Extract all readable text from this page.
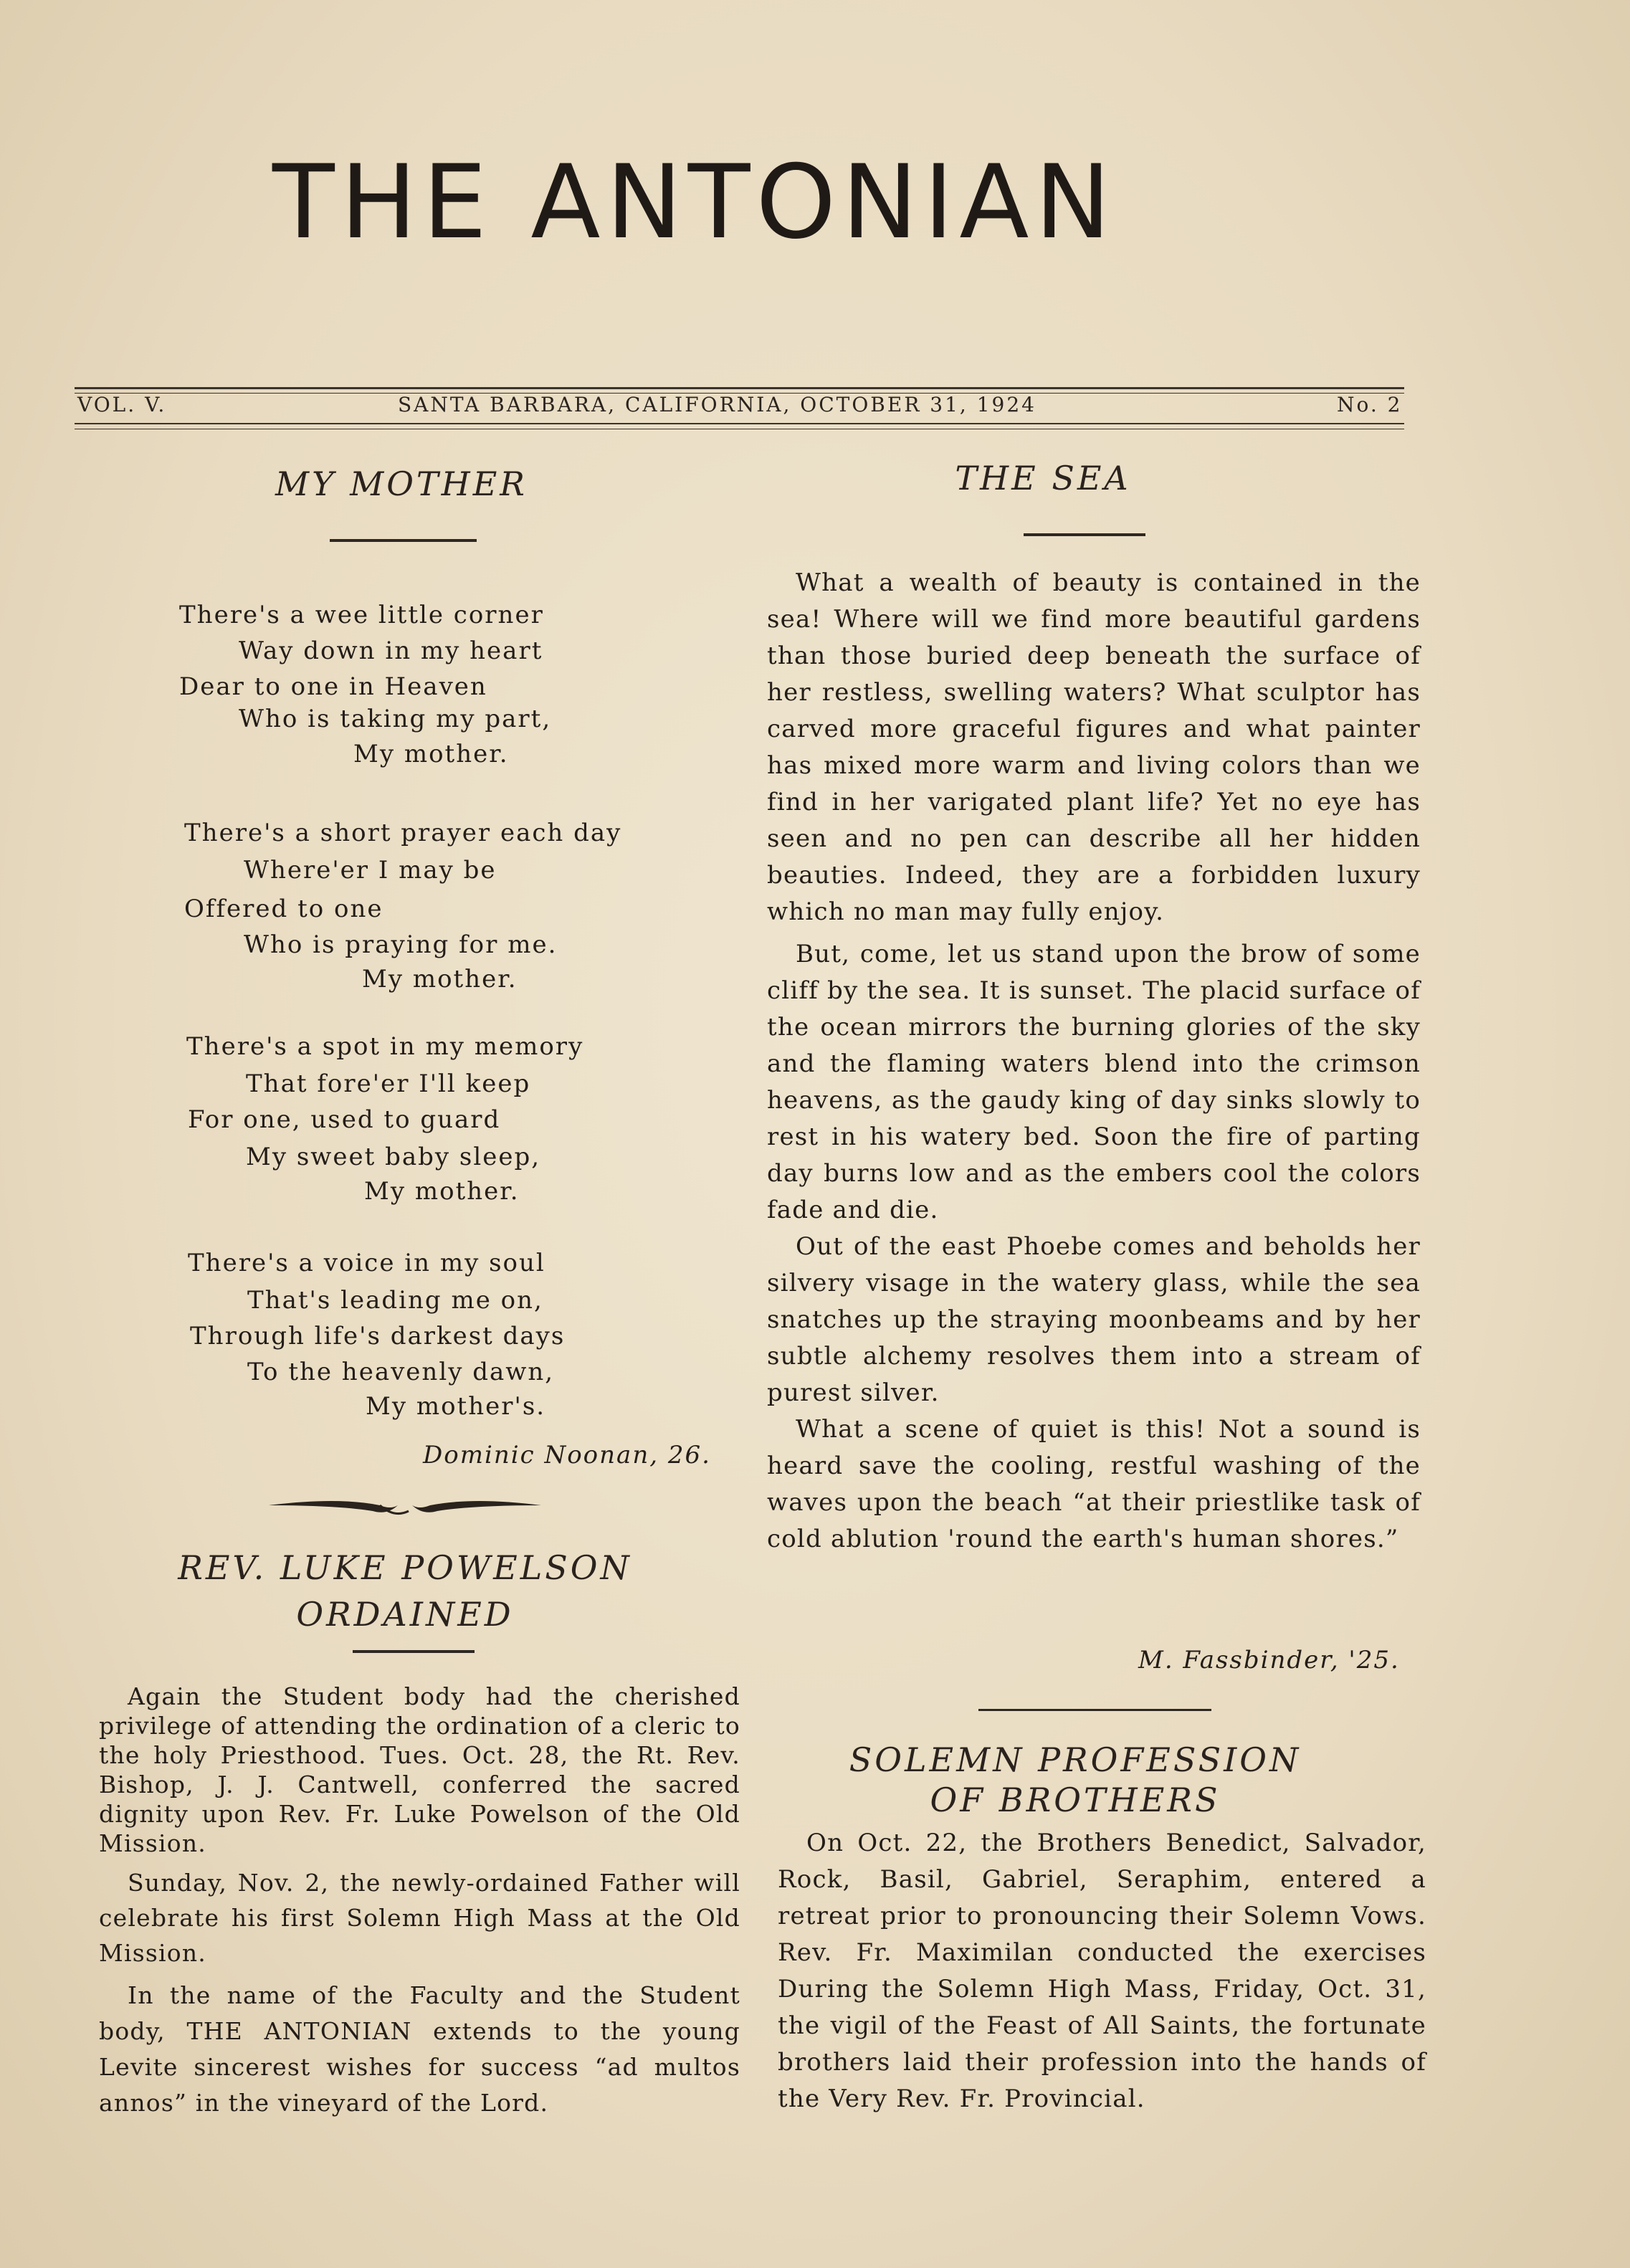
THE ANTONIAN
VOL. V.	SANTA BARBARA, CALIFORNIA, OCTOBER 31, 1924	No. 2
MY MOTHER
There's a wee little corner
Way down in my heart
Dear to one in Heaven
Who is taking my part,
My mother.
There's a short prayer each day
Where'er I may be
Offered to one
Who is praying for me.
My mother.
There's a spot in my memory
That fore'er I'll keep
For one, used to guard
My sweet baby sleep,
My mother.
There's a voice in my soul
That's leading me on,
Through life's darkest days
To the heavenly dawn,
My mother's.
Dominic Noonan, 26.
REV. LUKE POWELSON
ORDAINED

Again the Student body had the cherished privilege of attending the ordination of a cleric to the holy Priesthood. Tues. Oct. 28, the Rt. Rev. Bishop, J. J. Cantwell, conferred the sacred dignity upon Rev. Fr. Luke Powelson of the Old Mission.

Sunday, Nov. 2, the newly-ordained Father will celebrate his first Solemn High Mass at the Old Mission.

In the name of the Faculty and the Student body, THE ANTONIAN extends to the young Levite sincerest wishes for success “ad multos annos” in the vineyard of the Lord.

THE SEA

What a wealth of beauty is contained in the sea! Where will we find more beautiful gardens than those buried deep beneath the surface of her restless, swelling waters? What sculptor has carved more graceful figures and what painter has mixed more warm and living colors than we find in her varigated plant life? Yet no eye has seen and no pen can describe all her hidden beauties. Indeed, they are a forbidden luxury which no man may fully enjoy.

But, come, let us stand upon the brow of some cliff by the sea. It is sunset. The placid surface of the ocean mirrors the burning glories of the sky and the flaming waters blend into the crimson heavens, as the gaudy king of day sinks slowly to rest in his watery bed. Soon the fire of parting day burns low and as the embers cool the colors fade and die.

Out of the east Phoebe comes and beholds her silvery visage in the watery glass, while the sea snatches up the straying moonbeams and by her subtle alchemy resolves them into a stream of purest silver.

What a scene of quiet is this! Not a sound is heard save the cooling, restful washing of the waves upon the beach “at their priestlike task of cold ablution 'round the earth's human shores.”

M. Fassbinder, '25.
SOLEMN PROFESSION
OF BROTHERS

On Oct. 22, the Brothers Benedict, Salvador, Rock, Basil, Gabriel, Seraphim, entered a retreat prior to pronouncing their Solemn Vows. Rev. Fr. Maximilan conducted the exercises During the Solemn High Mass, Friday, Oct. 31, the vigil of the Feast of All Saints, the fortunate brothers laid their profession into the hands of the Very Rev. Fr. Provincial.
